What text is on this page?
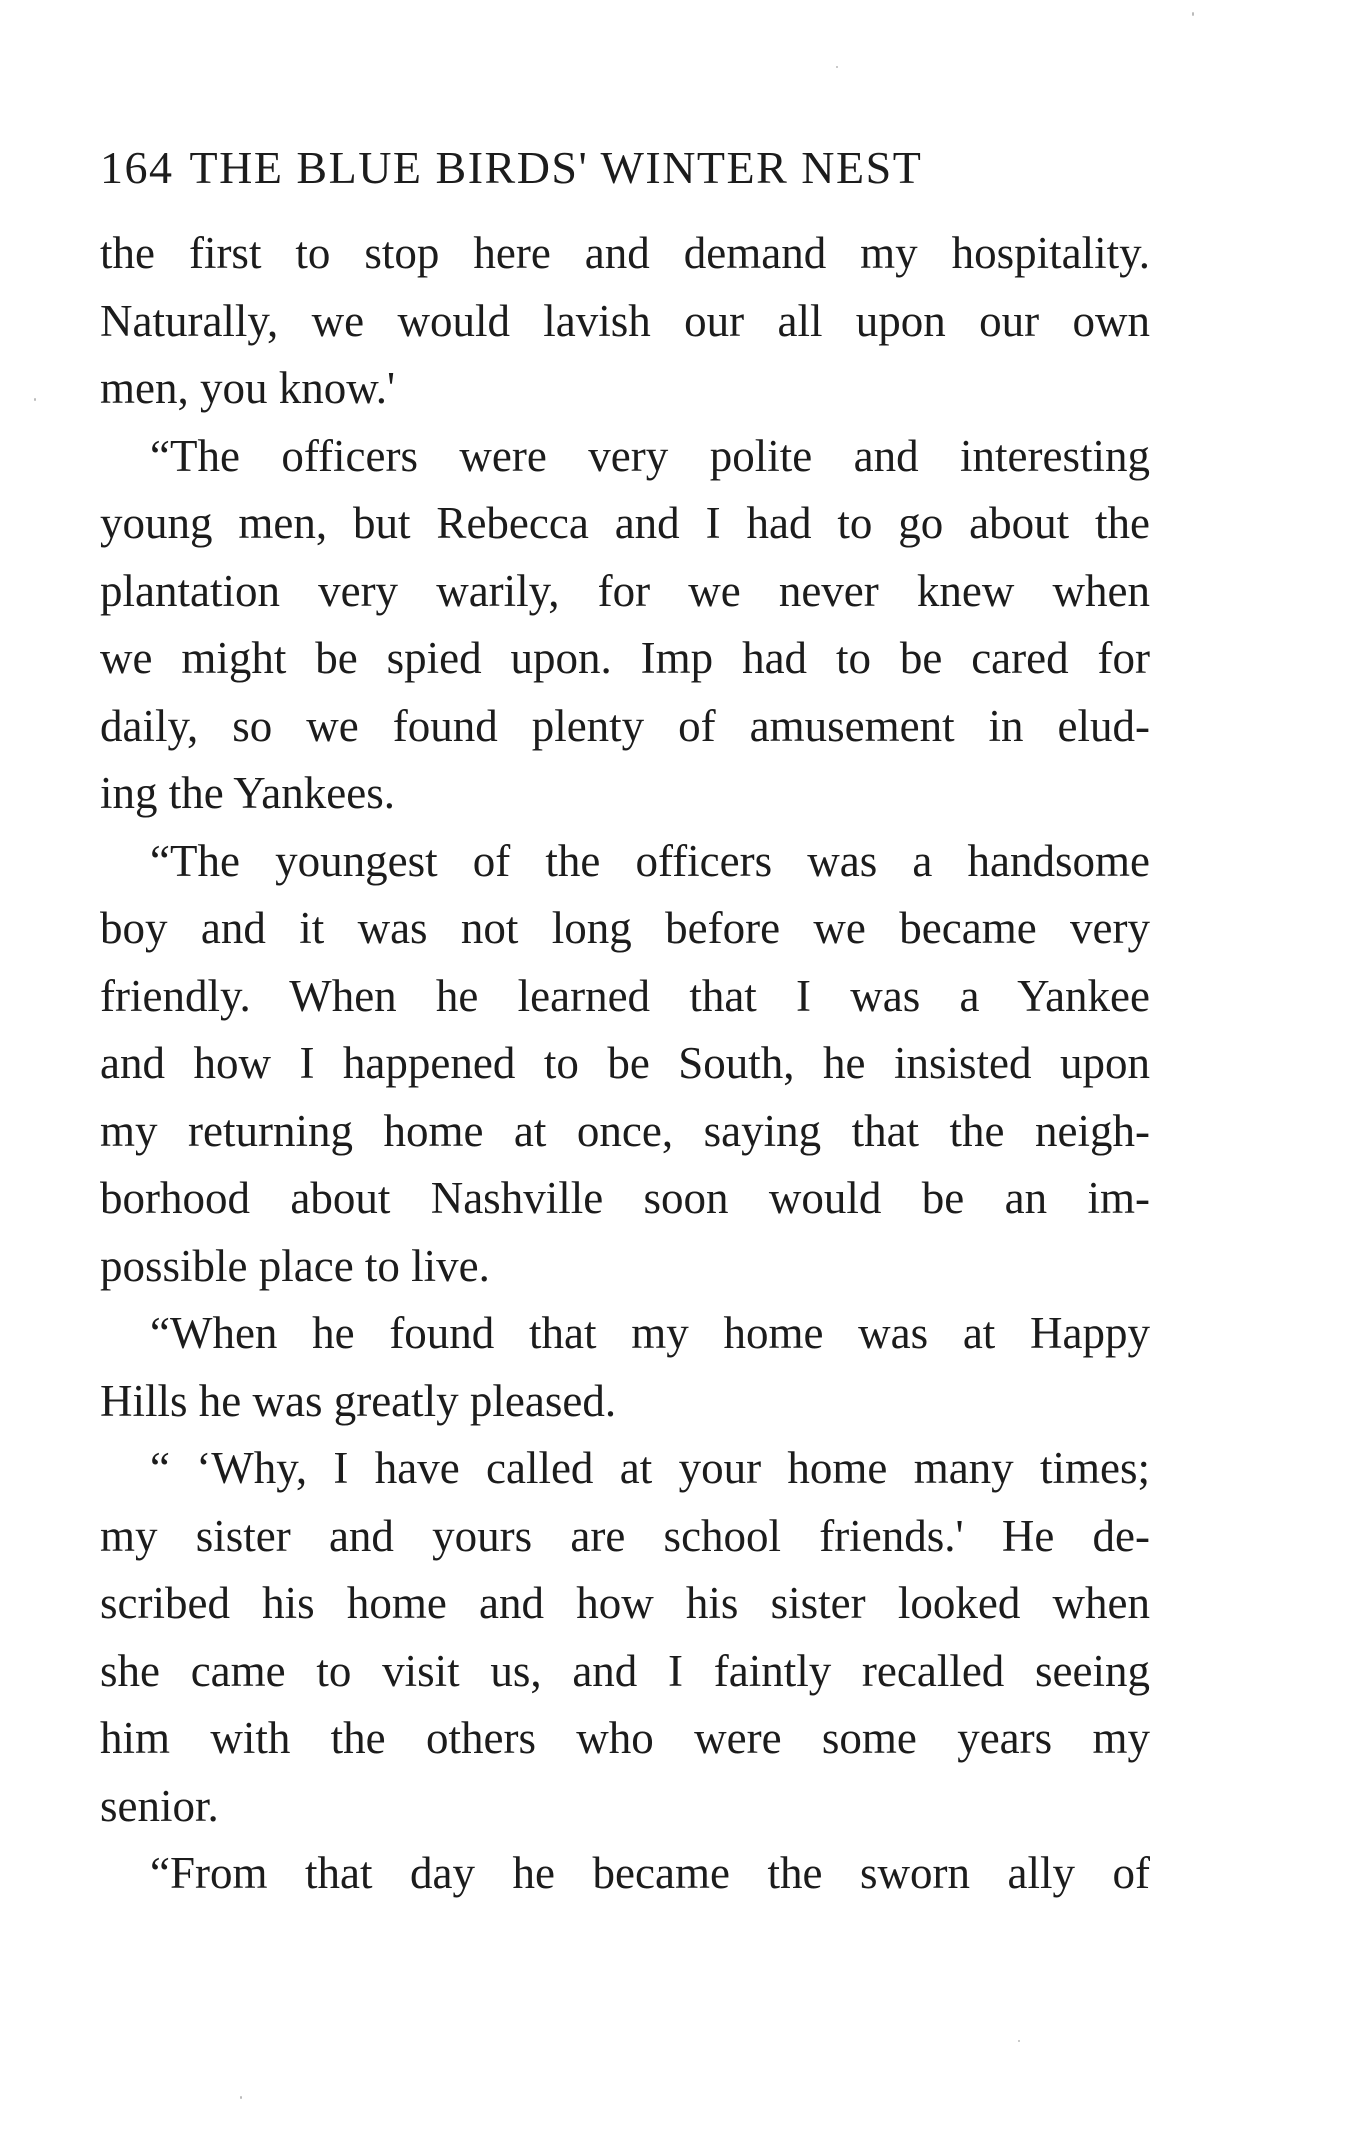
164 THE BLUE BIRDS' WINTER NEST
the first to stop here and demand my hospitality.
Naturally, we would lavish our all upon our own
men, you know.'
“The officers were very polite and interesting
young men, but Rebecca and I had to go about the
plantation very warily, for we never knew when
we might be spied upon. Imp had to be cared for
daily, so we found plenty of amusement in elud-
ing the Yankees.
“The youngest of the officers was a handsome
boy and it was not long before we became very
friendly. When he learned that I was a Yankee
and how I happened to be South, he insisted upon
my returning home at once, saying that the neigh-
borhood about Nashville soon would be an im-
possible place to live.
“When he found that my home was at Happy
Hills he was greatly pleased.
“ ‘Why, I have called at your home many times;
my sister and yours are school friends.' He de-
scribed his home and how his sister looked when
she came to visit us, and I faintly recalled seeing
him with the others who were some years my
senior.
“From that day he became the sworn ally of
